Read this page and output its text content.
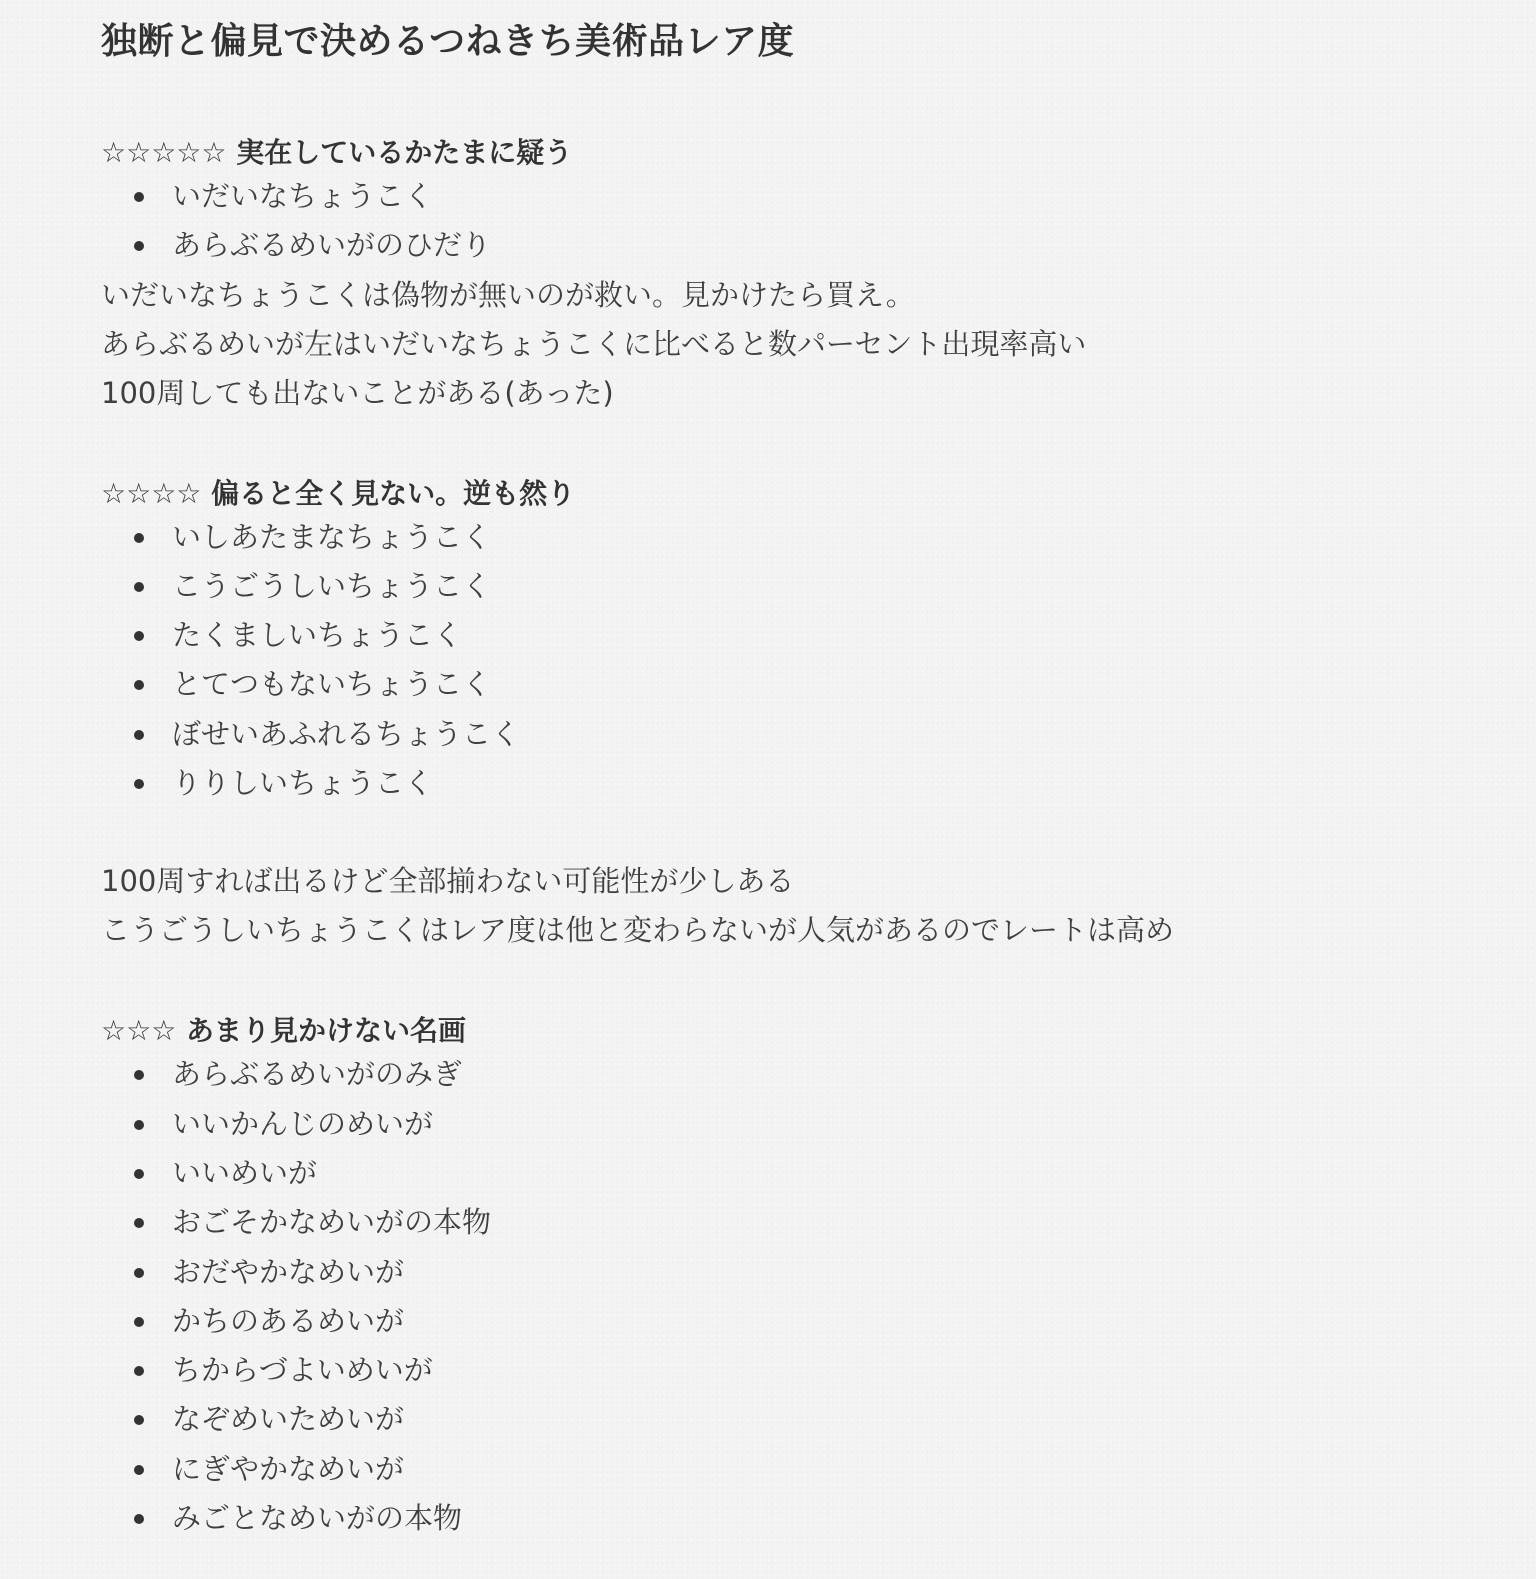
独断と偏見で決めるつねきち美術品レア度
☆☆☆☆☆ 実在しているかたまに疑う
いだいなちょうこく
あらぶるめいがのひだり

いだいなちょうこくは偽物が無いのが救い。見かけたら買え。

あらぶるめいが左はいだいなちょうこくに比べると数パーセント出現率高い

100周しても出ないことがある(あった)

☆☆☆☆ 偏ると全く見ない。逆も然り
いしあたまなちょうこく
こうごうしいちょうこく
たくましいちょうこく
とてつもないちょうこく
ぼせいあふれるちょうこく
りりしいちょうこく

100周すれば出るけど全部揃わない可能性が少しある

こうごうしいちょうこくはレア度は他と変わらないが人気があるのでレートは高め

☆☆☆ あまり見かけない名画
あらぶるめいがのみぎ
いいかんじのめいが
いいめいが
おごそかなめいがの本物
おだやかなめいが
かちのあるめいが
ちからづよいめいが
なぞめいためいが
にぎやかなめいが
みごとなめいがの本物
